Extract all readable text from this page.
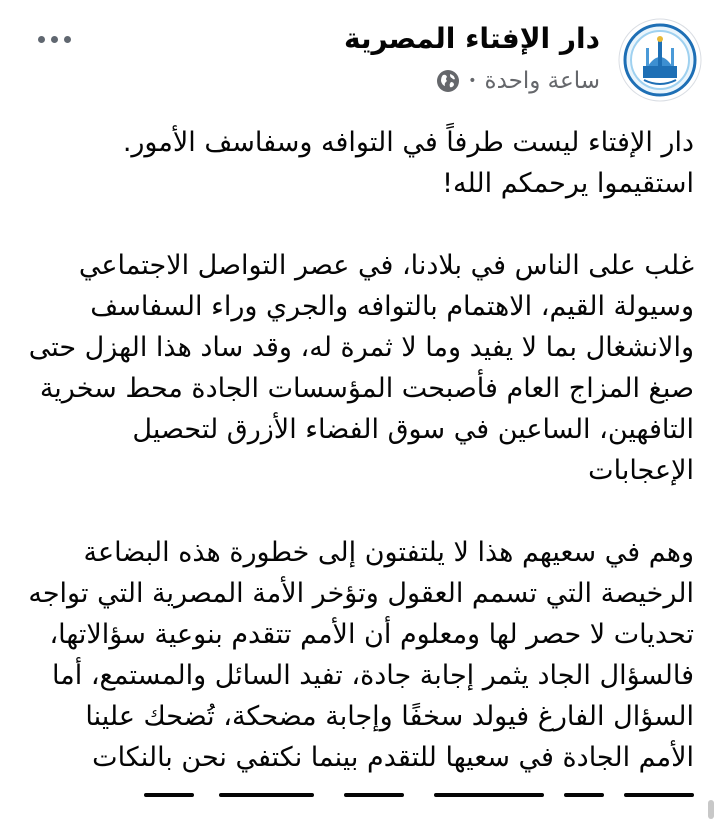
دار الإفتاء المصرية
ساعة واحدة
•

دار الإفتاء ليست طرفاً في التوافه وسفاسف الأمور.

استقيموا يرحمكم الله!

غلب على الناس في بلادنا، في عصر التواصل الاجتماعي

وسيولة القيم، الاهتمام بالتوافه والجري وراء السفاسف

والانشغال بما لا يفيد وما لا ثمرة له، وقد ساد هذا الهزل حتى

صبغ المزاج العام فأصبحت المؤسسات الجادة محط سخرية

التافهين، الساعين في سوق الفضاء الأزرق لتحصيل

الإعجابات

وهم في سعيهم هذا لا يلتفتون إلى خطورة هذه البضاعة

الرخيصة التي تسمم العقول وتؤخر الأمة المصرية التي تواجه

تحديات لا حصر لها ومعلوم أن الأمم تتقدم بنوعية سؤالاتها،

فالسؤال الجاد يثمر إجابة جادة، تفيد السائل والمستمع، أما

السؤال الفارغ فيولد سخفًا وإجابة مضحكة، تُضحك علينا

الأمم الجادة في سعيها للتقدم بينما نكتفي نحن بالنكات
